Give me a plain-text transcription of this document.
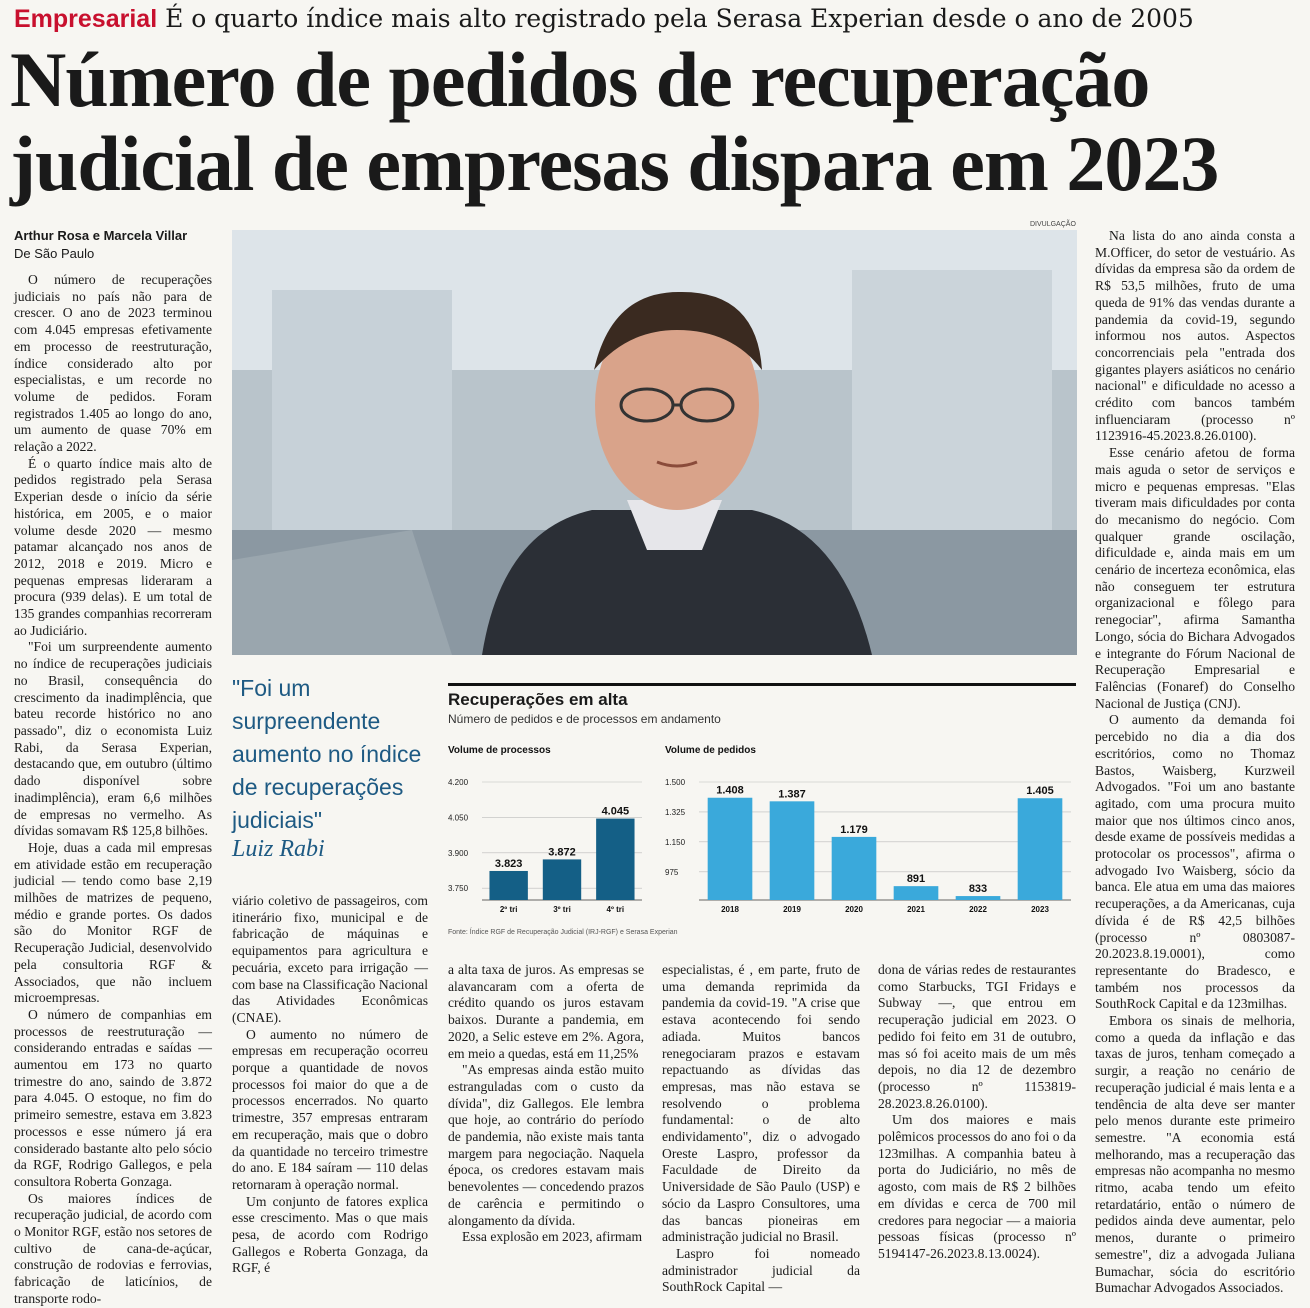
Empresarial É o quarto índice mais alto registrado pela Serasa Experian desde o ano de 2005
Número de pedidos de recuperação judicial de empresas dispara em 2023
Arthur Rosa e Marcela Villar
De São Paulo

O número de recuperações judiciais no país não para de crescer. O ano de 2023 terminou com 4.045 empresas efetivamente em processo de reestruturação, índice considerado alto por especialistas, e um recorde no volume de pedidos. Foram registrados 1.405 ao longo do ano, um aumento de quase 70% em relação a 2022.

É o quarto índice mais alto de pedidos registrado pela Serasa Experian desde o início da série histórica, em 2005, e o maior volume desde 2020 — mesmo patamar alcançado nos anos de 2012, 2018 e 2019. Micro e pequenas empresas lideraram a procura (939 delas). E um total de 135 grandes companhias recorreram ao Judiciário.

"Foi um surpreendente aumento no índice de recuperações judiciais no Brasil, consequência do crescimento da inadimplência, que bateu recorde histórico no ano passado", diz o economista Luiz Rabi, da Serasa Experian, destacando que, em outubro (último dado disponível sobre inadimplência), eram 6,6 milhões de empresas no vermelho. As dívidas somavam R$ 125,8 bilhões.

Hoje, duas a cada mil empresas em atividade estão em recuperação judicial — tendo como base 2,19 milhões de matrizes de pequeno, médio e grande portes. Os dados são do Monitor RGF de Recuperação Judicial, desenvolvido pela consultoria RGF & Associados, que não incluem microempresas.

O número de companhias em processos de reestruturação — considerando entradas e saídas — aumentou em 173 no quarto trimestre do ano, saindo de 3.872 para 4.045. O estoque, no fim do primeiro semestre, estava em 3.823 processos e esse número já era considerado bastante alto pelo sócio da RGF, Rodrigo Gallegos, e pela consultora Roberta Gonzaga.

Os maiores índices de recuperação judicial, de acordo com o Monitor RGF, estão nos setores de cultivo de cana-de-açúcar, construção de rodovias e ferrovias, fabricação de laticínios, de transporte rodo-

viário coletivo de passageiros, com itinerário fixo, municipal e de fabricação de máquinas e equipamentos para agricultura e pecuária, exceto para irrigação — com base na Classificação Nacional das Atividades Econômicas (CNAE).

O aumento no número de empresas em recuperação ocorreu porque a quantidade de novos processos foi maior do que a de processos encerrados. No quarto trimestre, 357 empresas entraram em recuperação, mais que o dobro da quantidade no terceiro trimestre do ano. E 184 saíram — 110 delas retornaram à operação normal.

Um conjunto de fatores explica esse crescimento. Mas o que mais pesa, de acordo com Rodrigo Gallegos e Roberta Gonzaga, da RGF, é

a alta taxa de juros. As empresas se alavancaram com a oferta de crédito quando os juros estavam baixos. Durante a pandemia, em 2020, a Selic esteve em 2%. Agora, em meio a quedas, está em 11,25%

"As empresas ainda estão muito estranguladas com o custo da dívida", diz Gallegos. Ele lembra que hoje, ao contrário do período de pandemia, não existe mais tanta margem para negociação. Naquela época, os credores estavam mais benevolentes — concedendo prazos de carência e permitindo o alongamento da dívida.

Essa explosão em 2023, afirmam

especialistas, é , em parte, fruto de uma demanda reprimida da pandemia da covid-19. "A crise que estava acontecendo foi sendo adiada. Muitos bancos renegociaram prazos e estavam repactuando as dívidas das empresas, mas não estava se resolvendo o problema fundamental: o de alto endividamento", diz o advogado Oreste Laspro, professor da Faculdade de Direito da Universidade de São Paulo (USP) e sócio da Laspro Consultores, uma das bancas pioneiras em administração judicial no Brasil.

Laspro foi nomeado administrador judicial da SouthRock Capital —

dona de várias redes de restaurantes como Starbucks, TGI Fridays e Subway —, que entrou em recuperação judicial em 2023. O pedido foi feito em 31 de outubro, mas só foi aceito mais de um mês depois, no dia 12 de dezembro (processo nº 1153819-28.2023.8.26.0100).

Um dos maiores e mais polêmicos processos do ano foi o da 123milhas. A companhia bateu à porta do Judiciário, no mês de agosto, com mais de R$ 2 bilhões em dívidas e cerca de 700 mil credores para negociar — a maioria pessoas físicas (processo nº 5194147-26.2023.8.13.0024).

Na lista do ano ainda consta a M.Officer, do setor de vestuário. As dívidas da empresa são da ordem de R$ 53,5 milhões, fruto de uma queda de 91% das vendas durante a pandemia da covid-19, segundo informou nos autos. Aspectos concorrenciais pela "entrada dos gigantes players asiáticos no cenário nacional" e dificuldade no acesso a crédito com bancos também influenciaram (processo nº 1123916-45.2023.8.26.0100).

Esse cenário afetou de forma mais aguda o setor de serviços e micro e pequenas empresas. "Elas tiveram mais dificuldades por conta do mecanismo do negócio. Com qualquer grande oscilação, dificuldade e, ainda mais em um cenário de incerteza econômica, elas não conseguem ter estrutura organizacional e fôlego para renegociar", afirma Samantha Longo, sócia do Bichara Advogados e integrante do Fórum Nacional de Recuperação Empresarial e Falências (Fonaref) do Conselho Nacional de Justiça (CNJ).

O aumento da demanda foi percebido no dia a dia dos escritórios, como no Thomaz Bastos, Waisberg, Kurzweil Advogados. "Foi um ano bastante agitado, com uma procura muito maior que nos últimos cinco anos, desde exame de possíveis medidas a protocolar os processos", afirma o advogado Ivo Waisberg, sócio da banca. Ele atua em uma das maiores recuperações, a da Americanas, cuja dívida é de R$ 42,5 bilhões (processo nº 0803087-20.2023.8.19.0001), como representante do Bradesco, e também nos processos da SouthRock Capital e da 123milhas.

Embora os sinais de melhoria, como a queda da inflação e das taxas de juros, tenham começado a surgir, a reação no cenário de recuperação judicial é mais lenta e a tendência de alta deve ser manter pelo menos durante este primeiro semestre. "A economia está melhorando, mas a recuperação das empresas não acompanha no mesmo ritmo, acaba tendo um efeito retardatário, então o número de pedidos ainda deve aumentar, pelo menos, durante o primeiro semestre", diz a advogada Juliana Bumachar, sócia do escritório Bumachar Advogados Associados.

DIVULGAÇÃO
"Foi um surpreendente aumento no índice de recuperações judiciais"
Luiz Rabi
Recuperações em alta
Número de pedidos e de processos em andamento
Volume de processos
3.750
3.900
4.050
4.200
3.823
2º tri
3.872
3º tri
4.045
4º tri
Volume de pedidos
975
1.150
1.325
1.500
1.408
2018
1.387
2019
1.179
2020
891
2021
833
2022
1.405
2023
Fonte: Índice RGF de Recuperação Judicial (IRJ-RGF) e Serasa Experian
